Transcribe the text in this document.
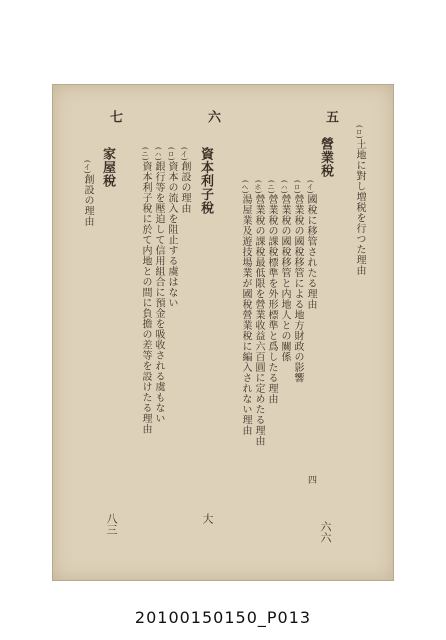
(ロ)土地に對し増税を行つた理由
五
營業稅
(イ)國稅に移管されたる理由
(ロ)營業稅の國稅移管による地方財政の影響
(ハ)營業稅の國稅移管と内地人との關係
(ニ)營業稅の課稅標準を外形標準と爲したる理由
(ホ)營業稅の課稅最低限を營業收益六百圓に定めたる理由
(ヘ)湯屋業及遊技場業が國稅營業稅に編入されない理由
六六
四
六
資本利子稅
(イ)創設の理由
(ロ)資本の流入を阻止する虞はない
(ハ)銀行等を壓迫して信用組合に預金を吸收される虞もない
(ニ)資本利子稅に於て内地との間に負擔の差等を設けたる理由
大
七
家屋稅
(イ)創設の理由
八三
20100150150_P013
